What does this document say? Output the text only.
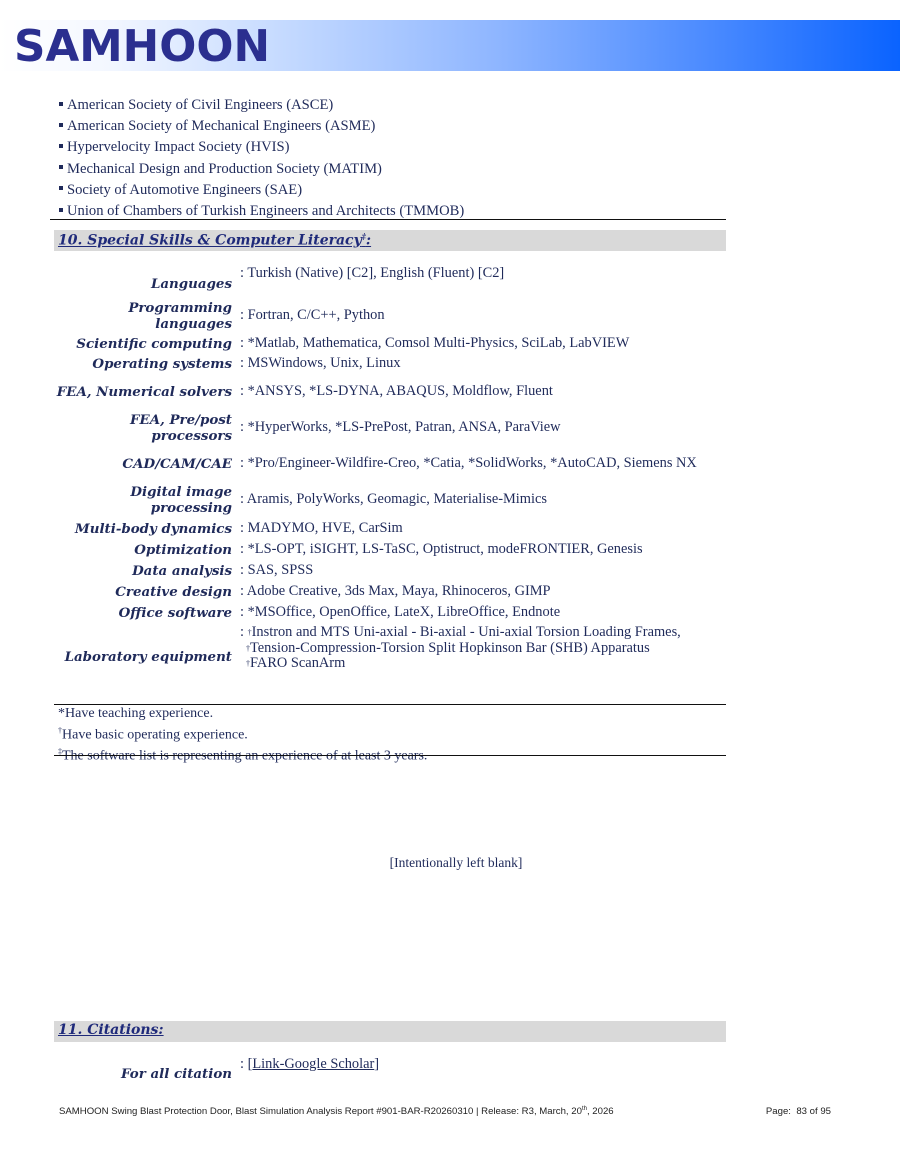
SAMHOON
American Society of Civil Engineers (ASCE)
American Society of Mechanical Engineers (ASME)
Hypervelocity Impact Society (HVIS)
Mechanical Design and Production Society (MATIM)
Society of Automotive Engineers (SAE)
Union of Chambers of Turkish Engineers and Architects (TMMOB)
10. Special Skills & Computer Literacy‡:
Languages
: Turkish (Native) [C2], English (Fluent) [C2]
Programming languages
: Fortran, C/C++, Python
Scientific computing : *Matlab, Mathematica, Comsol Multi-Physics, SciLab, LabVIEW
Operating systems : MSWindows, Unix, Linux
FEA, Numerical solvers : *ANSYS, *LS-DYNA, ABAQUS, Moldflow, Fluent
FEA, Pre/post processors
: *HyperWorks, *LS-PrePost, Patran, ANSA, ParaView
CAD/CAM/CAE : *Pro/Engineer-Wildfire-Creo, *Catia, *SolidWorks, *AutoCAD, Siemens NX
Digital image processing
: Aramis, PolyWorks, Geomagic, Materialise-Mimics
Multi-body dynamics : MADYMO, HVE, CarSim
Optimization : *LS-OPT, iSIGHT, LS-TaSC, Optistruct, modeFRONTIER, Genesis
Data analysis : SAS, SPSS
Creative design : Adobe Creative, 3ds Max, Maya, Rhinoceros, GIMP
Office software : *MSOffice, OpenOffice, LateX, LibreOffice, Endnote
Laboratory equipment
: †Instron and MTS Uni-axial - Bi-axial - Uni-axial Torsion Loading Frames,
†Tension-Compression-Torsion Split Hopkinson Bar (SHB) Apparatus
†FARO ScanArm
*Have teaching experience.
†Have basic operating experience.
‡The software list is representing an experience of at least 3 years.
[Intentionally left blank]
11. Citations:
For all citation
: [Link-Google Scholar]
SAMHOON Swing Blast Protection Door, Blast Simulation Analysis Report #901-BAR-R20260310 | Release: R3, March, 20th, 2026	Page: 83 of 95
